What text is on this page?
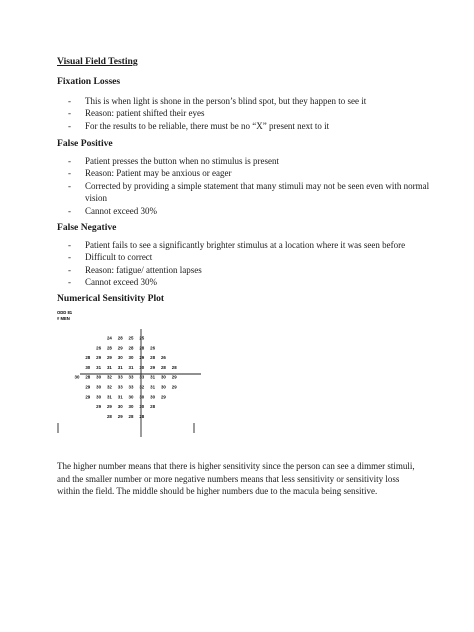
Visual Field Testing
Fixation Losses
- This is when light is shone in the person’s blind spot, but they happen to see it
- Reason: patient shifted their eyes
- For the results to be reliable, there must be no “X” present next to it
False Positive
- Patient presses the button when no stimulus is present
- Reason: Patient may be anxious or eager
- Corrected by providing a simple statement that many stimuli may not be seen even with normal vision
- Cannot exceed 30%
False Negative
- Patient fails to see a significantly brighter stimulus at a location where it was seen before
- Difficult to correct
- Reason: fatigue/ attention lapses
- Cannot exceed 30%
Numerical Sensitivity Plot
ODD 81
# MEN
24 28 25 25
26 28 29 28 28 26
28 29 29 30 30 29 28 26
30 31 31 31 31 30 29 28 28
30 28 30 32 33 33 33 31 30 29
29 30 32 33 33 32 31 30 29
29 30 31 31 30 30 30 29
29 29 30 30 30 28
28 29 28 28

The higher number means that there is higher sensitivity since the person can see a dimmer stimuli, and the smaller number or more negative numbers means that less sensitivity or sensitivity loss within the field. The middle should be higher numbers due to the macula being sensitive.
